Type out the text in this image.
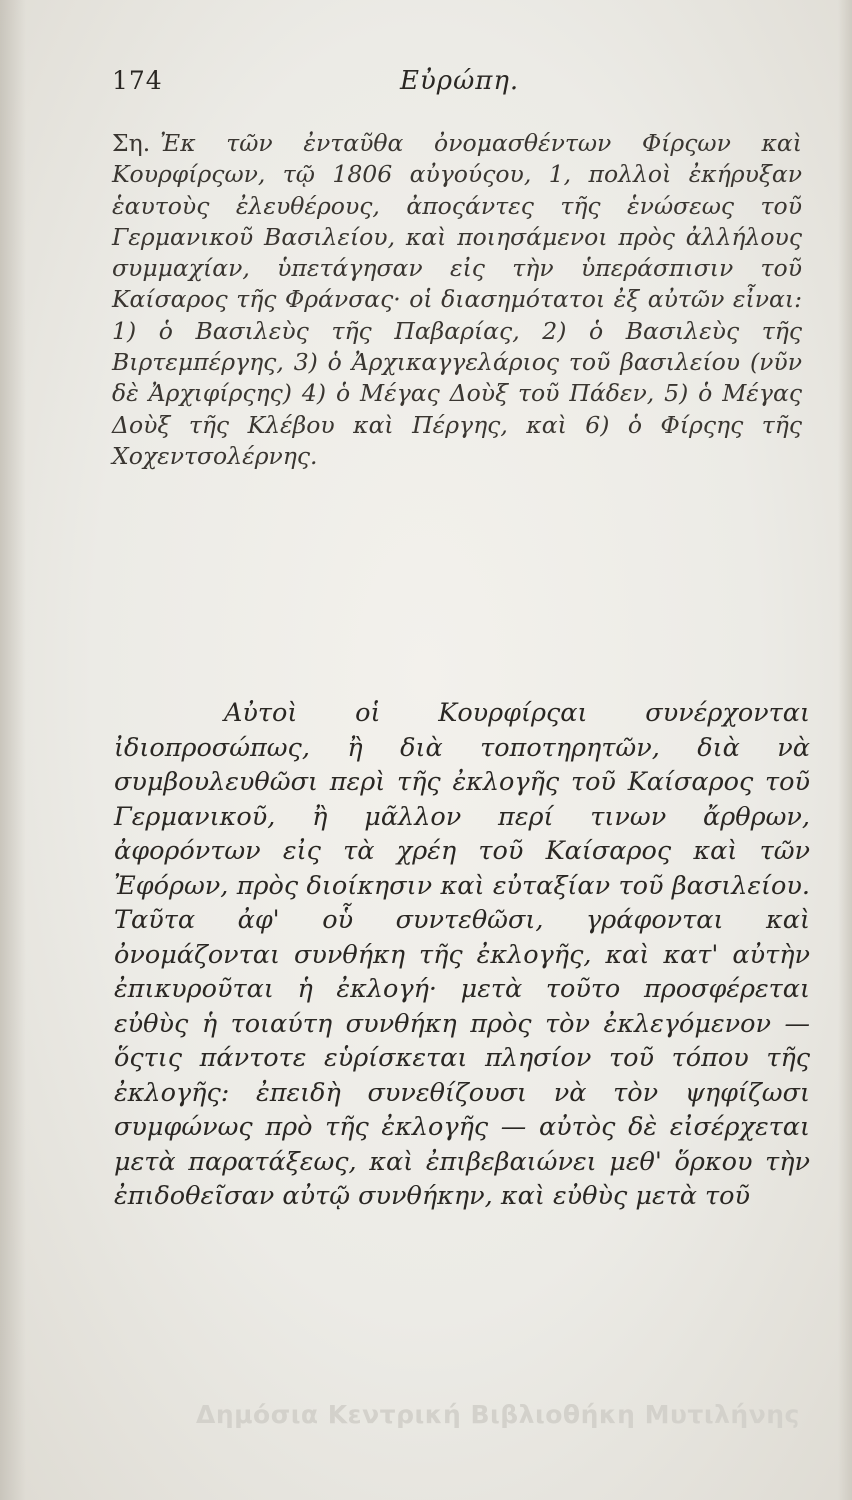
174	Εὐρώπη.
Ση. Ἐκ τῶν ἐνταῦθα ὀνομασθέντων Φίρςων καὶ Κουρφίρςων, τῷ 1806 αὐγούςου, 1, πολλοὶ ἐκήρυξαν ἑαυτοὺς ἐλευθέρους, ἀποςάντες τῆς ἑνώσεως τοῦ Γερμανικοῦ Βασιλείου, καὶ ποιησάμενοι πρὸς ἀλλήλους συμμαχίαν, ὑπετάγησαν εἰς τὴν ὑπεράσπισιν τοῦ Καίσαρος τῆς Φράνσας· οἱ διασημότατοι ἐξ αὐτῶν εἶναι: 1) ὁ Βασιλεὺς τῆς Παβαρίας, 2) ὁ Βασιλεὺς τῆς Βιρτεμπέργης, 3) ὁ Ἀρχικαγγελάριος τοῦ βασιλείου (νῦν δὲ Ἀρχιφίρςης) 4) ὁ Μέγας Δοὺξ τοῦ Πάδεν, 5) ὁ Μέγας Δοὺξ τῆς Κλέβου καὶ Πέργης, καὶ 6) ὁ Φίρςης τῆς Χοχεντσολέρνης.
Αὐτοὶ οἱ Κουρφίρςαι συνέρχονται ἰδιοπροσώπως, ἢ διὰ τοποτηρητῶν, διὰ νὰ συμβουλευθῶσι περὶ τῆς ἐκλογῆς τοῦ Καίσαρος τοῦ Γερμανικοῦ, ἢ μᾶλλον περί τινων ἄρθρων, ἀφορόντων εἰς τὰ χρέη τοῦ Καίσαρος καὶ τῶν Ἐφόρων, πρὸς διοίκησιν καὶ εὐταξίαν τοῦ βασιλείου. Ταῦτα ἀφ' οὗ συντεθῶσι, γράφονται καὶ ὀνομάζονται συνθήκη τῆς ἐκλογῆς, καὶ κατ' αὐτὴν ἐπικυροῦται ἡ ἐκλογή· μετὰ τοῦτο προσφέρεται εὐθὺς ἡ τοιαύτη συνθήκη πρὸς τὸν ἐκλεγόμενον — ὅςτις πάντοτε εὑρίσκεται πλησίον τοῦ τόπου τῆς ἐκλογῆς: ἐπειδὴ συνεθίζουσι νὰ τὸν ψηφίζωσι συμφώνως πρὸ τῆς ἐκλογῆς — αὐτὸς δὲ εἰσέρχεται μετὰ παρατάξεως, καὶ ἐπιβεβαιώνει μεθ' ὅρκου τὴν ἐπιδοθεῖσαν αὐτῷ συνθήκην, καὶ εὐθὺς μετὰ τοῦ
Δημόσια Κεντρική Βιβλιοθήκη Μυτιλήνης
